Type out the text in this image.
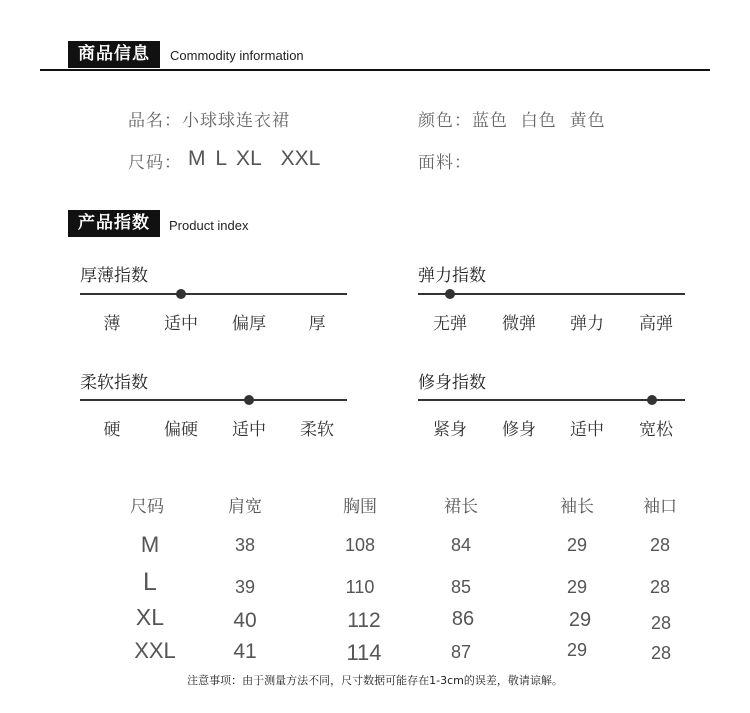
商品信息	Commodity information
品名：小球球连衣裙	颜色：蓝色  白色  黄色
尺码： M L XL  XXL	面料：
产品指数	Product index
厚薄指数
薄	适中	偏厚	厚
弹力指数
无弹	微弹	弹力	高弹
柔软指数
硬	偏硬	适中	柔软
修身指数
紧身	修身	适中	宽松
尺码	肩宽	胸围	裙长	袖长	袖口
M	38	108	84	29	28
L	39	110	85	29	28
XL	40	112	86	29	28
XXL	41	114	87	29	28
注意事项：由于测量方法不同，尺寸数据可能存在1-3cm的误差，敬请谅解。
